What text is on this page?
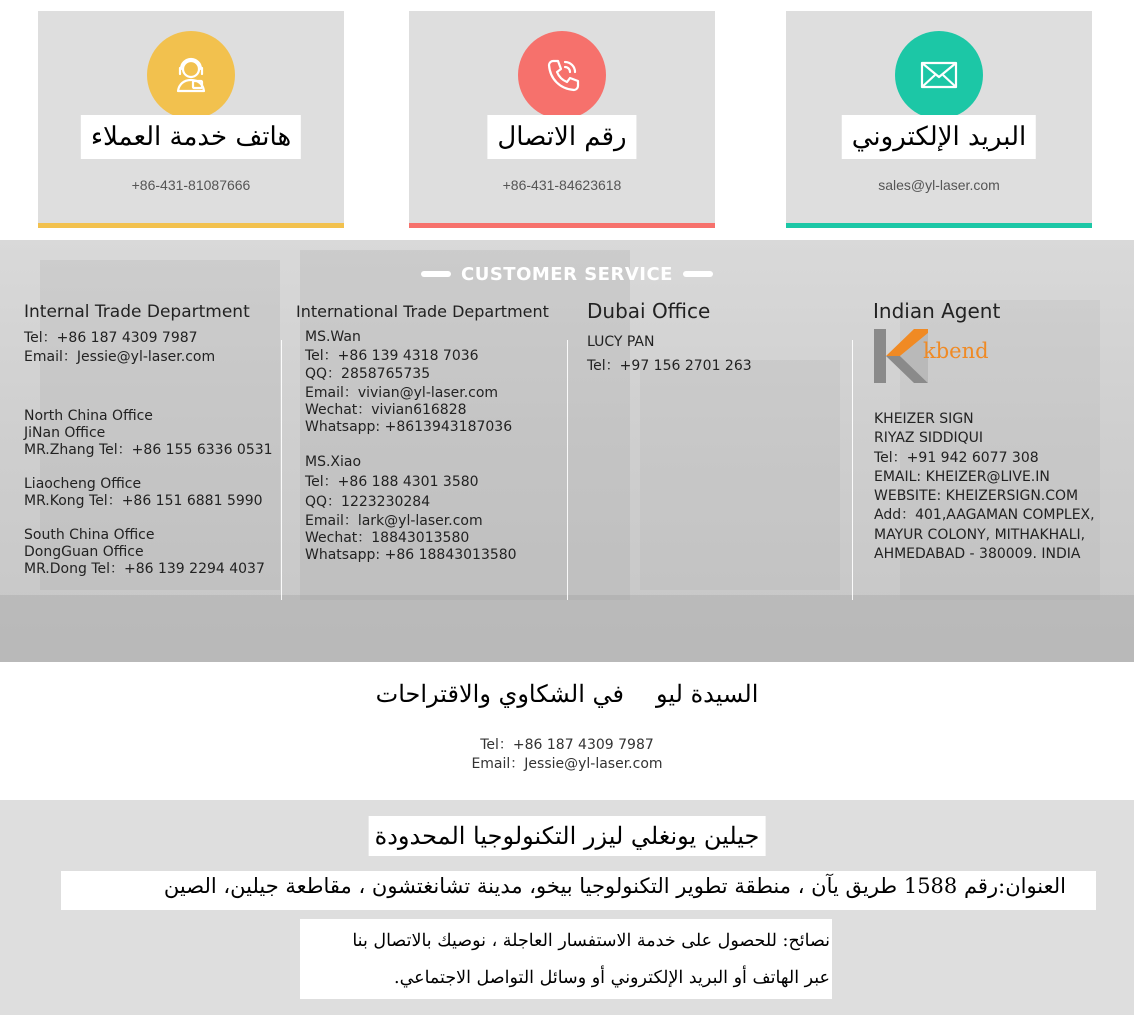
هاتف خدمة العملاء
+86-431-81087666
رقم الاتصال
+86-431-84623618
البريد الإلكتروني
sales@yl-laser.com
CUSTOMER SERVICE
Internal Trade Department
Tel：+86 187 4309 7987
Email：Jessie@yl-laser.com
North China Office
JiNan Office
MR.Zhang Tel：+86 155 6336 0531
Liaocheng Office
MR.Kong Tel：+86 151 6881 5990
South China Office
DongGuan Office
MR.Dong Tel：+86 139 2294 4037
International Trade Department
MS.Wan
Tel：+86 139 4318 7036
QQ：2858765735
Email：vivian@yl-laser.com
Wechat：vivian616828
Whatsapp: +8613943187036
MS.Xiao
Tel：+86 188 4301 3580
QQ：1223230284
Email：lark@yl-laser.com
Wechat：18843013580
Whatsapp: +86 18843013580
Dubai Office
LUCY PAN
Tel：+97 156 2701 263
Indian Agent
kbend
KHEIZER SIGN
RIYAZ SIDDIQUI
Tel：+91 942 6077 308
EMAIL: KHEIZER@LIVE.IN
WEBSITE: KHEIZERSIGN.COM
Add：401,AAGAMAN COMPLEX,
MAYUR COLONY, MITHAKHALI,
AHMEDABAD - 380009. INDIA
السيدة ليوفي الشكاوي والاقتراحات
Tel：+86 187 4309 7987
Email：Jessie@yl-laser.com
جيلين يونغلي ليزر التكنولوجيا المحدودة
العنوان:رقم 1588 طريق يآن ، منطقة تطوير التكنولوجيا بيخو، مدينة تشانغتشون ، مقاطعة جيلين، الصين
نصائح: للحصول على خدمة الاستفسار العاجلة ، نوصيك بالاتصال بنا
عبر الهاتف أو البريد الإلكتروني أو وسائل التواصل الاجتماعي.
